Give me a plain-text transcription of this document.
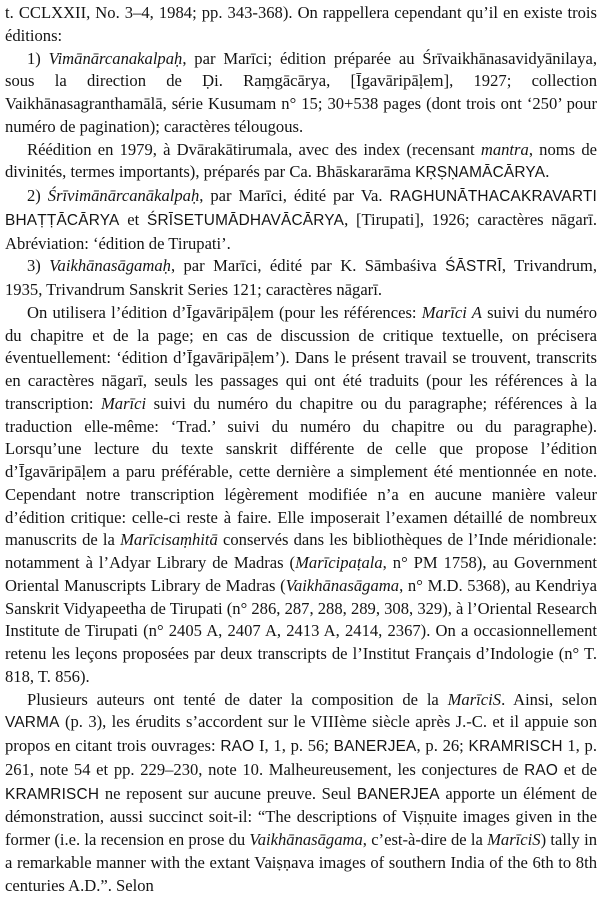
t. CCLXXII, No. 3–4, 1984; pp. 343-368). On rappellera cependant qu’il en existe trois éditions:

1) Vimānārcanakalpaḥ, par Marīci; édition préparée au Śrīvaikhānasavidyānilaya, sous la direction de Ḍi. Raṃgācārya, [Īgavāripāḷem], 1927; collection Vaikhānasagranthamālā, série Kusumam n° 15; 30+538 pages (dont trois ont ‘250’ pour numéro de pagination); caractères télougous.

Réédition en 1979, à Dvārakātirumala, avec des index (recensant mantra, noms de divinités, termes importants), préparés par Ca. Bhāskararāma KṚṢṆAMĀCĀRYA.

2) Śrīvimānārcanākalpaḥ, par Marīci, édité par Va. RAGHUNĀTHACAKRAVARTI BHAṬṬĀCĀRYA et ŚRĪSETUMĀDHAVĀCĀRYA, [Tirupati], 1926; caractères nāgarī. Abréviation: ‘édition de Tirupati’.

3) Vaikhānasāgamaḥ, par Marīci, édité par K. Sāmbaśiva ŚĀSTRĪ, Trivandrum, 1935, Trivandrum Sanskrit Series 121; caractères nāgarī.

On utilisera l’édition d’Īgavāripāḷem (pour les références: Marīci A suivi du numéro du chapitre et de la page; en cas de discussion de critique textuelle, on précisera éventuellement: ‘édition d’Īgavāripāḷem’). Dans le présent travail se trouvent, transcrits en caractères nāgarī, seuls les passages qui ont été traduits (pour les références à la transcription: Marīci suivi du numéro du chapitre ou du paragraphe; références à la traduction elle-même: ‘Trad.’ suivi du numéro du chapitre ou du paragraphe). Lorsqu’une lecture du texte sanskrit différente de celle que propose l’édition d’Īgavāripāḷem a paru préférable, cette dernière a simplement été mentionnée en note. Cependant notre transcription légèrement modifiée n’a en aucune manière valeur d’édition critique: celle-ci reste à faire. Elle imposerait l’examen détaillé de nombreux manuscrits de la Marīcisaṃhitā conservés dans les bibliothèques de l’Inde méridionale: notamment à l’Adyar Library de Madras (Marīcipaṭala, n° PM 1758), au Government Oriental Manuscripts Library de Madras (Vaikhānasāgama, n° M.D. 5368), au Kendriya Sanskrit Vidyapeetha de Tirupati (n° 286, 287, 288, 289, 308, 329), à l’Oriental Research Institute de Tirupati (n° 2405 A, 2407 A, 2413 A, 2414, 2367). On a occasionnellement retenu les leçons proposées par deux transcripts de l’Institut Français d’Indologie (n° T. 818, T. 856).

Plusieurs auteurs ont tenté de dater la composition de la MarīciS. Ainsi, selon VARMA (p. 3), les érudits s’accordent sur le VIIIème siècle après J.-C. et il appuie son propos en citant trois ouvrages: RAO I, 1, p. 56; BANERJEA, p. 26; KRAMRISCH 1, p. 261, note 54 et pp. 229–230, note 10. Malheureusement, les conjectures de RAO et de KRAMRISCH ne reposent sur aucune preuve. Seul BANERJEA apporte un élément de démonstration, aussi succinct soit-il: “The descriptions of Viṣṇuite images given in the former (i.e. la recension en prose du Vaikhānasāgama, c’est-à-dire de la MarīciS) tally in a remarkable manner with the extant Vaiṣṇava images of southern India of the 6th to 8th centuries A.D.”. Selon
